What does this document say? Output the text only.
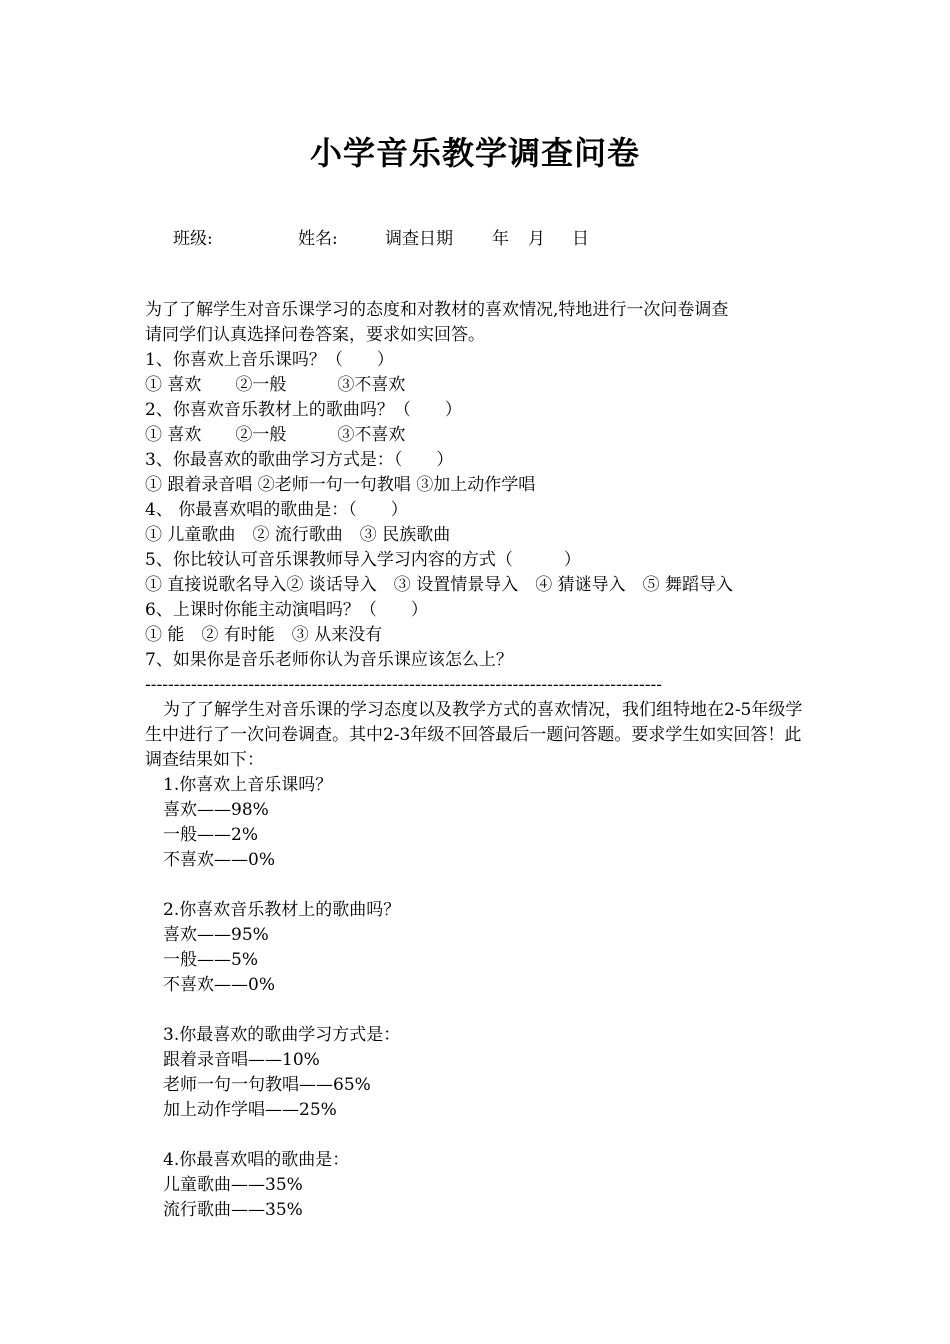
小学音乐教学调查问卷
班级:	姓名:	调查日期 年 月 日
为了了解学生对音乐课学习的态度和对教材的喜欢情况,特地进行一次问卷调查
请同学们认真选择问卷答案，要求如实回答。
1、你喜欢上音乐课吗？（　　）
① 喜欢　　②一般　　　③不喜欢
2、你喜欢音乐教材上的歌曲吗？（　　）
① 喜欢　　②一般　　　③不喜欢
3、你最喜欢的歌曲学习方式是：（　　）
① 跟着录音唱 ②老师一句一句教唱 ③加上动作学唱
4、 你最喜欢唱的歌曲是：（　　）
① 儿童歌曲　② 流行歌曲　③ 民族歌曲
5、你比较认可音乐课教师导入学习内容的方式（　　　）
① 直接说歌名导入② 谈话导入　③ 设置情景导入　④ 猜谜导入　⑤ 舞蹈导入
6、上课时你能主动演唱吗？（　　）
① 能　② 有时能　③ 从来没有
7、如果你是音乐老师你认为音乐课应该怎么上？
------------------------------------------------------------------------------------------
为了了解学生对音乐课的学习态度以及教学方式的喜欢情况，我们组特地在2-5年级学生中进行了一次问卷调查。其中2-3年级不回答最后一题问答题。要求学生如实回答！此调查结果如下：
1.你喜欢上音乐课吗？
喜欢——98%
一般——2%
不喜欢——0%
2.你喜欢音乐教材上的歌曲吗？
喜欢——95%
一般——5%
不喜欢——0%
3.你最喜欢的歌曲学习方式是：
跟着录音唱——10%
老师一句一句教唱——65%
加上动作学唱——25%
4.你最喜欢唱的歌曲是：
儿童歌曲——35%
流行歌曲——35%
